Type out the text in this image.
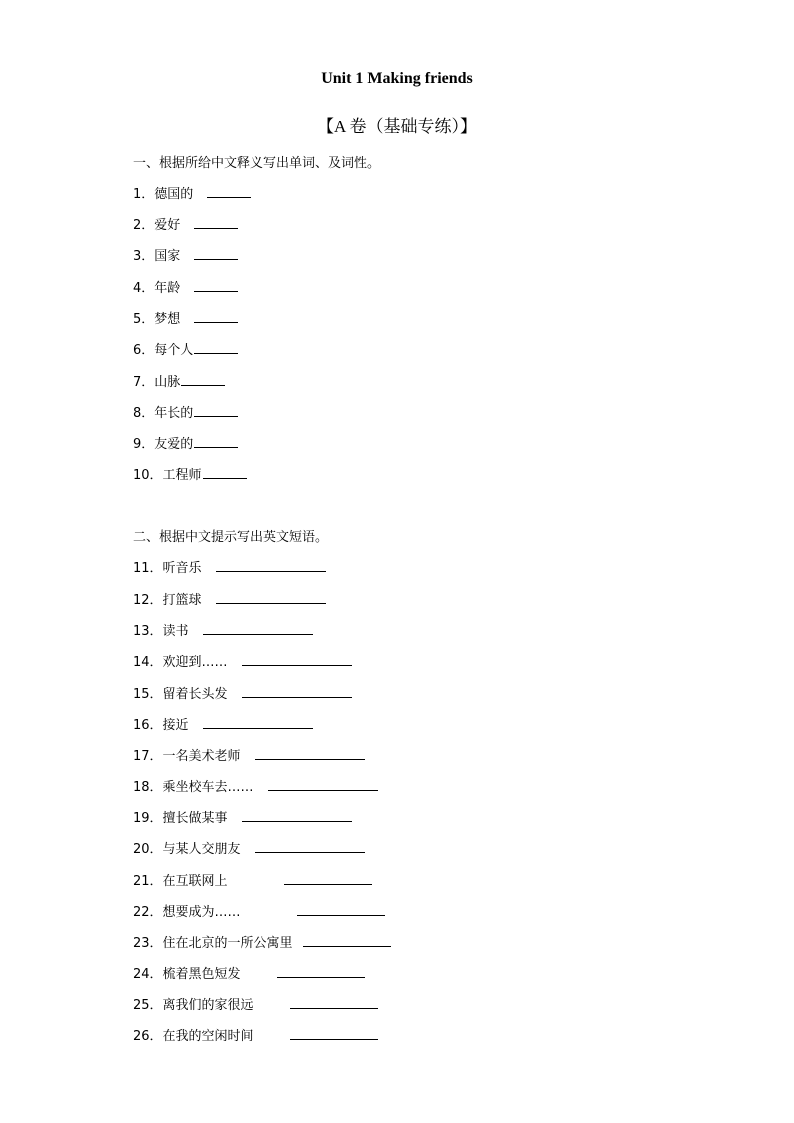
Unit 1 Making friends
【A 卷（基础专练）】
一、根据所给中文释义写出单词、及词性。
二、根据中文提示写出英文短语。
1．德国的
2．爱好
3．国家
4．年龄
5．梦想
6．每个人
7．山脉
8．年长的
9．友爱的
10．工程师
11．听音乐
12．打篮球
13．读书
14．欢迎到……
15．留着长头发
16．接近
17．一名美术老师
18．乘坐校车去……
19．擅长做某事
20．与某人交朋友
21．在互联网上
22．想要成为……
23．住在北京的一所公寓里
24．梳着黑色短发
25．离我们的家很远
26．在我的空闲时间
